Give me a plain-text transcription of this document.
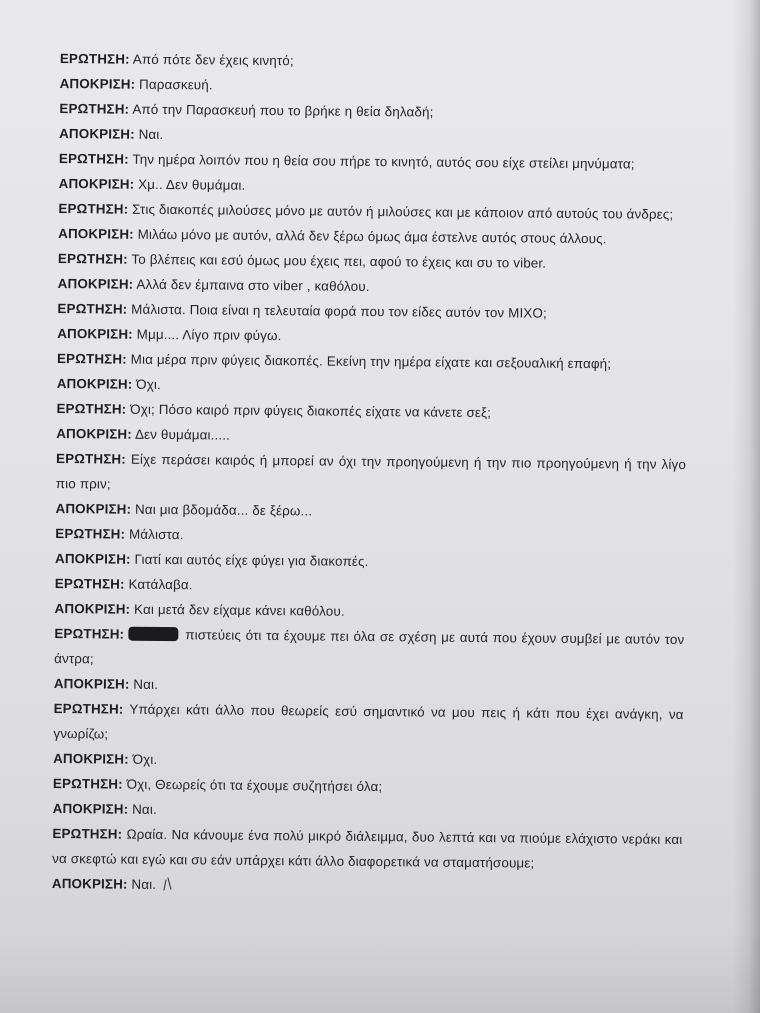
ΕΡΩΤΗΣΗ: Από πότε δεν έχεις κινητό;

ΑΠΟΚΡΙΣΗ: Παρασκευή.

ΕΡΩΤΗΣΗ: Από την Παρασκευή που το βρήκε η θεία δηλαδή;

ΑΠΟΚΡΙΣΗ: Ναι.

ΕΡΩΤΗΣΗ: Την ημέρα λοιπόν που η θεία σου πήρε το κινητό, αυτός σου είχε στείλει μηνύματα;

ΑΠΟΚΡΙΣΗ: Χμ.. Δεν θυμάμαι.

ΕΡΩΤΗΣΗ: Στις διακοπές μιλούσες μόνο με αυτόν ή μιλούσες και με κάποιον από αυτούς του άνδρες;

ΑΠΟΚΡΙΣΗ: Μιλάω μόνο με αυτόν, αλλά δεν ξέρω όμως άμα έστελνε αυτός στους άλλους.

ΕΡΩΤΗΣΗ: Το βλέπεις και εσύ όμως μου έχεις πει, αφού το έχεις και συ το viber.

ΑΠΟΚΡΙΣΗ: Αλλά δεν έμπαινα στο viber , καθόλου.

ΕΡΩΤΗΣΗ: Μάλιστα. Ποια είναι η τελευταία φορά που τον είδες αυτόν τον ΜΙΧΟ;

ΑΠΟΚΡΙΣΗ: Μμμ.... Λίγο πριν φύγω.

ΕΡΩΤΗΣΗ: Μια μέρα πριν φύγεις διακοπές. Εκείνη την ημέρα είχατε και σεξουαλική επαφή;

ΑΠΟΚΡΙΣΗ: Όχι.

ΕΡΩΤΗΣΗ: Όχι; Πόσο καιρό πριν φύγεις διακοπές είχατε να κάνετε σεξ;

ΑΠΟΚΡΙΣΗ: Δεν θυμάμαι.....

ΕΡΩΤΗΣΗ: Είχε περάσει καιρός ή μπορεί αν όχι την προηγούμενη ή την πιο προηγούμενη ή την λίγο πιο πριν;

ΑΠΟΚΡΙΣΗ: Ναι μια βδομάδα... δε ξέρω...

ΕΡΩΤΗΣΗ: Μάλιστα.

ΑΠΟΚΡΙΣΗ: Γιατί και αυτός είχε φύγει για διακοπές.

ΕΡΩΤΗΣΗ: Κατάλαβα.

ΑΠΟΚΡΙΣΗ: Και μετά δεν είχαμε κάνει καθόλου.

ΕΡΩΤΗΣΗ:	πιστεύεις ότι τα έχουμε πει όλα σε σχέση με αυτά που έχουν συμβεί με αυτόν τον άντρα;

ΑΠΟΚΡΙΣΗ: Ναι.

ΕΡΩΤΗΣΗ: Υπάρχει κάτι άλλο που θεωρείς εσύ σημαντικό να μου πεις ή κάτι που έχει ανάγκη, να γνωρίζω;

ΑΠΟΚΡΙΣΗ: Όχι.

ΕΡΩΤΗΣΗ: Όχι, Θεωρείς ότι τα έχουμε συζητήσει όλα;

ΑΠΟΚΡΙΣΗ: Ναι.

ΕΡΩΤΗΣΗ: Ωραία. Να κάνουμε ένα πολύ μικρό διάλειμμα, δυο λεπτά και να πιούμε ελάχιστο νεράκι και να σκεφτώ και εγώ και συ εάν υπάρχει κάτι άλλο διαφορετικά να σταματήσουμε;

ΑΠΟΚΡΙΣΗ: Ναι.
